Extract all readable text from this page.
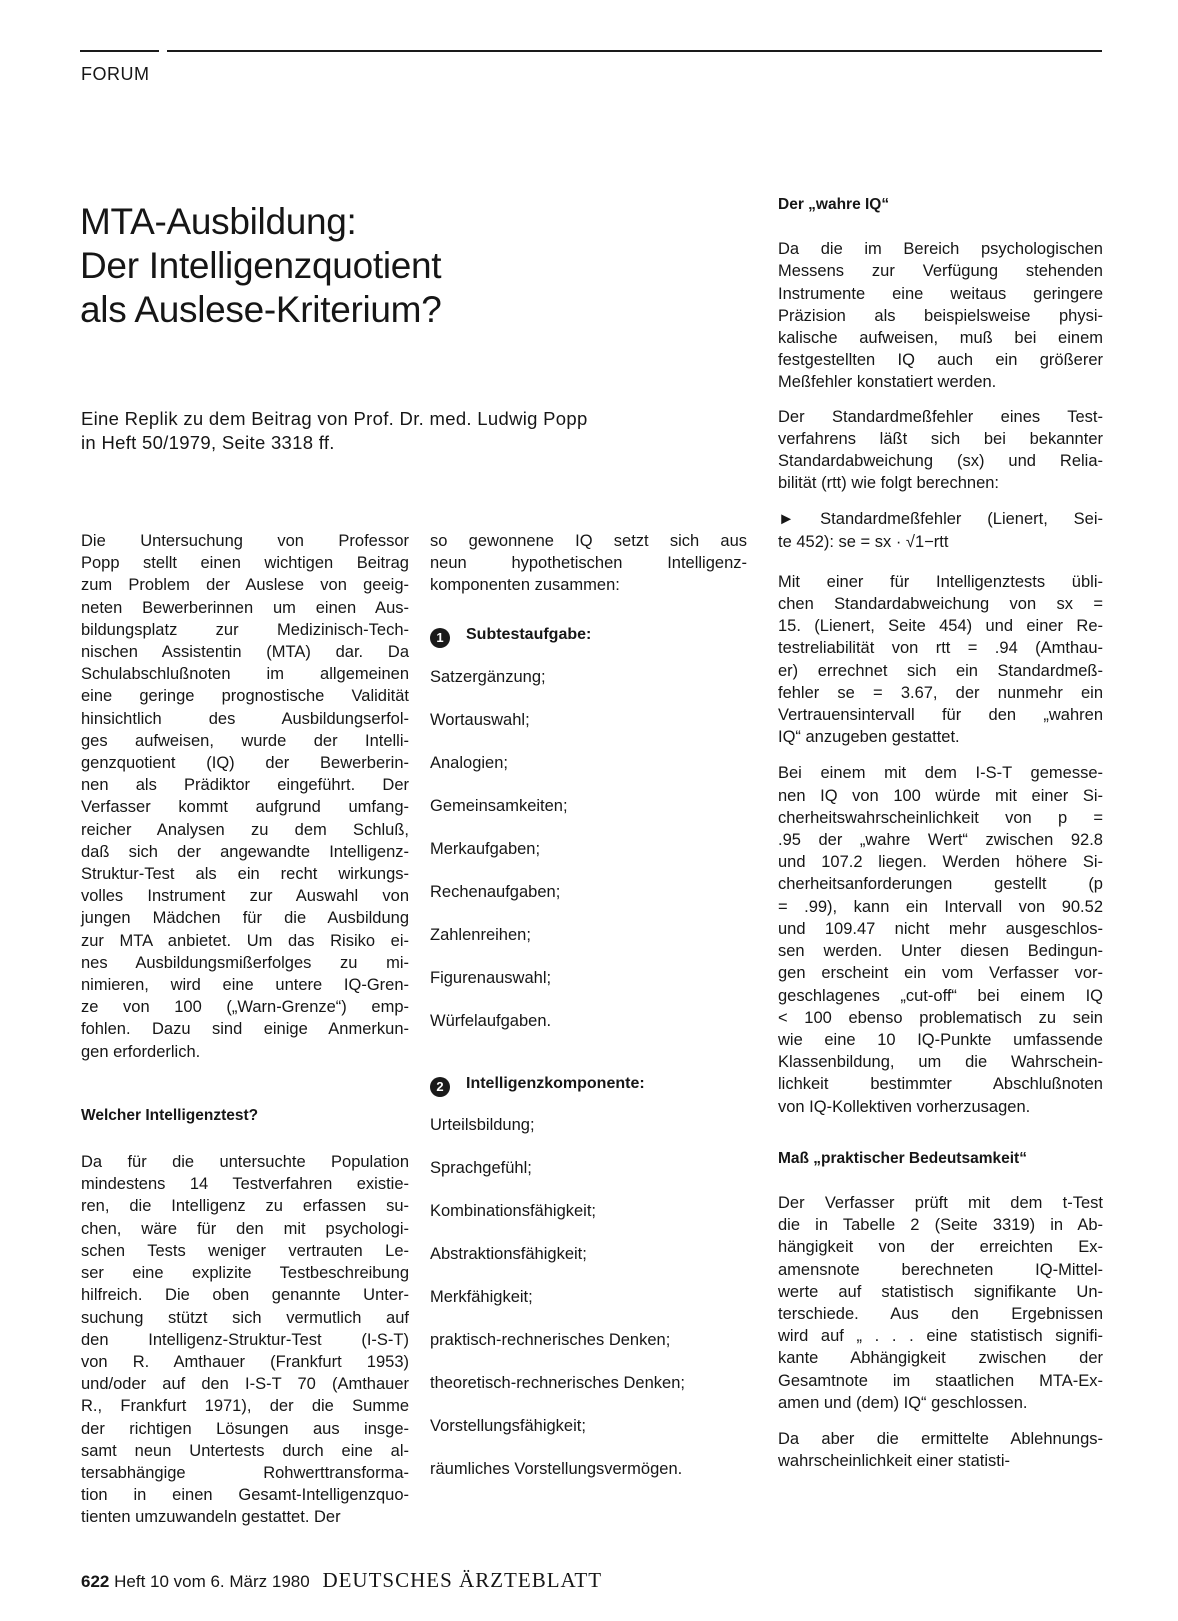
FORUM
MTA-Ausbildung:
Der Intelligenzquotient
als Auslese-Kriterium?
Eine Replik zu dem Beitrag von Prof. Dr. med. Ludwig Popp
in Heft 50/1979, Seite 3318 ff.

Die Untersuchung von Professor
Popp stellt einen wichtigen Beitrag
zum Problem der Auslese von geeig-
neten Bewerberinnen um einen Aus-
bildungsplatz zur Medizinisch-Tech-
nischen Assistentin (MTA) dar. Da
Schulabschlußnoten im allgemeinen
eine geringe prognostische Validität
hinsichtlich des Ausbildungserfol-
ges aufweisen, wurde der Intelli-
genzquotient (IQ) der Bewerberin-
nen als Prädiktor eingeführt. Der
Verfasser kommt aufgrund umfang-
reicher Analysen zu dem Schluß,
daß sich der angewandte Intelligenz-
Struktur-Test als ein recht wirkungs-
volles Instrument zur Auswahl von
jungen Mädchen für die Ausbildung
zur MTA anbietet. Um das Risiko ei-
nes Ausbildungsmißerfolges zu mi-
nimieren, wird eine untere IQ-Gren-
ze von 100 („Warn-Grenze“) emp-
fohlen. Dazu sind einige Anmerkun-
gen erforderlich.

Welcher Intelligenztest?

Da für die untersuchte Population
mindestens 14 Testverfahren existie-
ren, die Intelligenz zu erfassen su-
chen, wäre für den mit psychologi-
schen Tests weniger vertrauten Le-
ser eine explizite Testbeschreibung
hilfreich. Die oben genannte Unter-
suchung stützt sich vermutlich auf
den Intelligenz-Struktur-Test (I-S-T)
von R. Amthauer (Frankfurt 1953)
und/oder auf den I-S-T 70 (Amthauer
R., Frankfurt 1971), der die Summe
der richtigen Lösungen aus insge-
samt neun Untertests durch eine al-
tersabhängige Rohwerttransforma-
tion in einen Gesamt-Intelligenzquo-
tienten umzuwandeln gestattet. Der

so gewonnene IQ setzt sich aus
neun hypothetischen Intelligenz-
komponenten zusammen:

1 Subtestaufgabe:
Satzergänzung;
Wortauswahl;
Analogien;
Gemeinsamkeiten;
Merkaufgaben;
Rechenaufgaben;
Zahlenreihen;
Figurenauswahl;
Würfelaufgaben.
2 Intelligenzkomponente:
Urteilsbildung;
Sprachgefühl;
Kombinationsfähigkeit;
Abstraktionsfähigkeit;
Merkfähigkeit;
praktisch-rechnerisches Denken;
theoretisch-rechnerisches Denken;
Vorstellungsfähigkeit;
räumliches Vorstellungsvermögen.

Der „wahre IQ“

Da die im Bereich psychologischen
Messens zur Verfügung stehenden
Instrumente eine weitaus geringere
Präzision als beispielsweise physi-
kalische aufweisen, muß bei einem
festgestellten IQ auch ein größerer
Meßfehler konstatiert werden.

Der Standardmeßfehler eines Test-
verfahrens läßt sich bei bekannter
Standardabweichung (sx) und Relia-
bilität (rtt) wie folgt berechnen:

► Standardmeßfehler (Lienert, Sei-
te 452): se = sx · √1−rtt

Mit einer für Intelligenztests übli-
chen Standardabweichung von sx =
15. (Lienert, Seite 454) und einer Re-
testreliabilität von rtt = .94 (Amthau-
er) errechnet sich ein Standardmeß-
fehler se = 3.67, der nunmehr ein
Vertrauensintervall für den „wahren
IQ“ anzugeben gestattet.

Bei einem mit dem I-S-T gemesse-
nen IQ von 100 würde mit einer Si-
cherheitswahrscheinlichkeit von p =
.95 der „wahre Wert“ zwischen 92.8
und 107.2 liegen. Werden höhere Si-
cherheitsanforderungen gestellt (p
= .99), kann ein Intervall von 90.52
und 109.47 nicht mehr ausgeschlos-
sen werden. Unter diesen Bedingun-
gen erscheint ein vom Verfasser vor-
geschlagenes „cut-off“ bei einem IQ
< 100 ebenso problematisch zu sein
wie eine 10 IQ-Punkte umfassende
Klassenbildung, um die Wahrschein-
lichkeit bestimmter Abschlußnoten
von IQ-Kollektiven vorherzusagen.

Maß „praktischer Bedeutsamkeit“

Der Verfasser prüft mit dem t-Test
die in Tabelle 2 (Seite 3319) in Ab-
hängigkeit von der erreichten Ex-
amensnote berechneten IQ-Mittel-
werte auf statistisch signifikante Un-
terschiede. Aus den Ergebnissen
wird auf „ . . . eine statistisch signifi-
kante Abhängigkeit zwischen der
Gesamtnote im staatlichen MTA-Ex-
amen und (dem) IQ“ geschlossen.

Da aber die ermittelte Ablehnungs-
wahrscheinlichkeit einer statisti-

622 Heft 10 vom 6. März 1980 DEUTSCHES ÄRZTEBLATT
